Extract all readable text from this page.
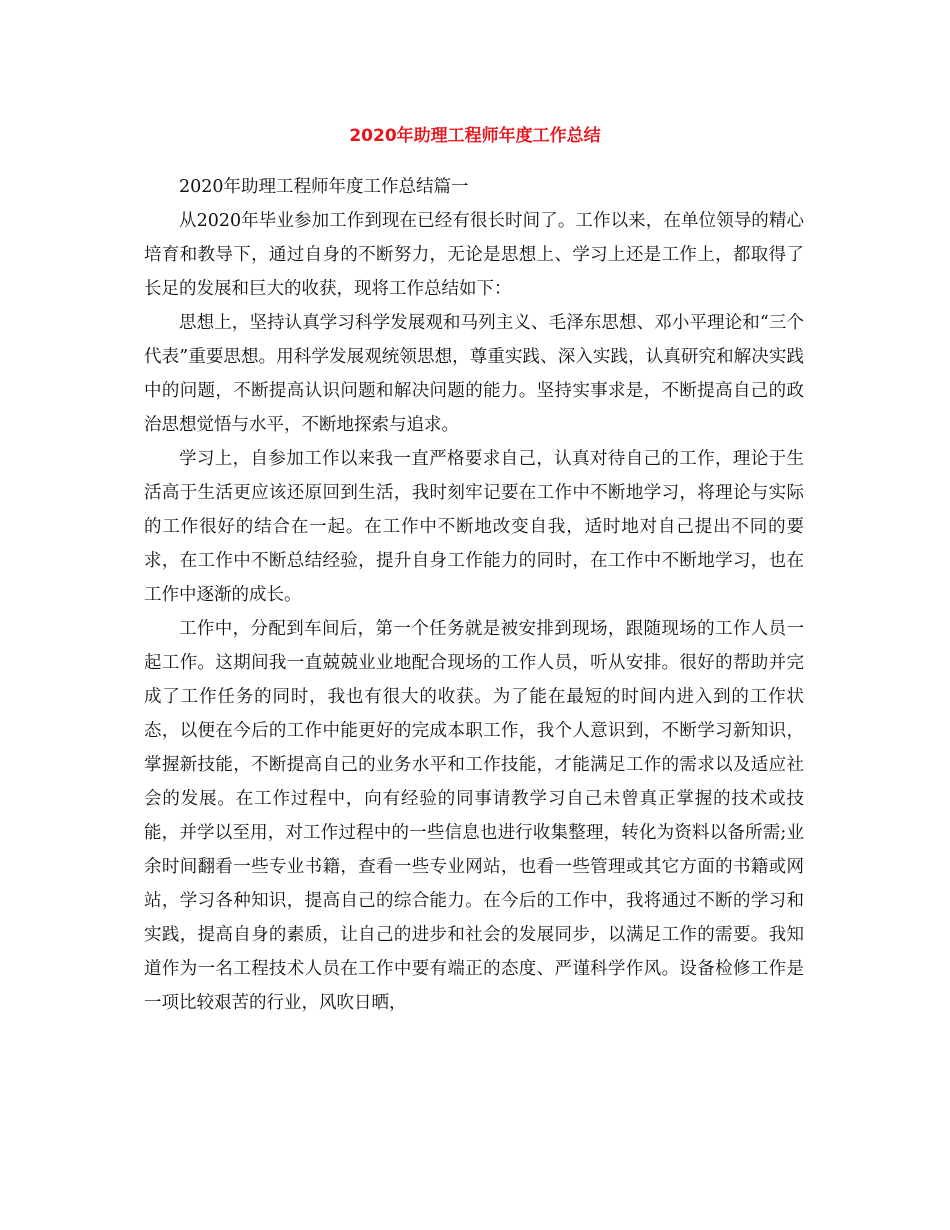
2020年助理工程师年度工作总结

2020年助理工程师年度工作总结篇一

从2020年毕业参加工作到现在已经有很长时间了。工作以来，在单位领导的精心培育和教导下，通过自身的不断努力，无论是思想上、学习上还是工作上，都取得了长足的发展和巨大的收获，现将工作总结如下：

思想上，坚持认真学习科学发展观和马列主义、毛泽东思想、邓小平理论和“三个代表”重要思想。用科学发展观统领思想，尊重实践、深入实践，认真研究和解决实践中的问题，不断提高认识问题和解决问题的能力。坚持实事求是，不断提高自己的政治思想觉悟与水平，不断地探索与追求。

学习上，自参加工作以来我一直严格要求自己，认真对待自己的工作，理论于生活高于生活更应该还原回到生活，我时刻牢记要在工作中不断地学习，将理论与实际的工作很好的结合在一起。在工作中不断地改变自我，适时地对自己提出不同的要求，在工作中不断总结经验，提升自身工作能力的同时，在工作中不断地学习，也在工作中逐渐的成长。

工作中，分配到车间后，第一个任务就是被安排到现场，跟随现场的工作人员一起工作。这期间我一直兢兢业业地配合现场的工作人员，听从安排。很好的帮助并完成了工作任务的同时，我也有很大的收获。为了能在最短的时间内进入到的工作状态，以便在今后的工作中能更好的完成本职工作，我个人意识到，不断学习新知识，掌握新技能，不断提高自己的业务水平和工作技能，才能满足工作的需求以及适应社会的发展。在工作过程中，向有经验的同事请教学习自己未曾真正掌握的技术或技能，并学以至用，对工作过程中的一些信息也进行收集整理，转化为资料以备所需;业余时间翻看一些专业书籍，查看一些专业网站，也看一些管理或其它方面的书籍或网站，学习各种知识，提高自己的综合能力。在今后的工作中，我将通过不断的学习和实践，提高自身的素质，让自己的进步和社会的发展同步，以满足工作的需要。我知道作为一名工程技术人员在工作中要有端正的态度、严谨科学作风。设备检修工作是一项比较艰苦的行业，风吹日晒，
